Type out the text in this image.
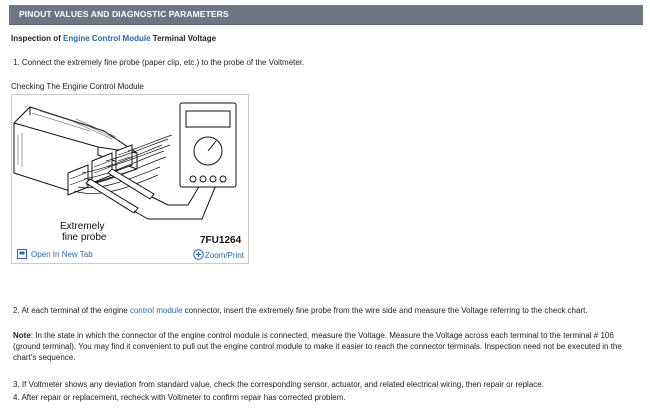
PINOUT VALUES AND DIAGNOSTIC PARAMETERS
Inspection of Engine Control Module Terminal Voltage
1. Connect the extremely fine probe (paper clip, etc.) to the probe of the Voltmeter.
Checking The Engine Control Module
Extremely
fine probe	7FU1264
Open In New Tab	Zoom/Print
2. At each terminal of the engine control module connector, insert the extremely fine probe from the wire side and measure the Voltage referring to the check chart.
Note: In the state in which the connector of the engine control module is connected, measure the Voltage. Measure the Voltage across each terminal to the terminal # 106 (ground terminal). You may find it convenient to pull out the engine control module to make it easier to reach the connector terminals. Inspection need not be executed in the chart's sequence.
3. If Voltmeter shows any deviation from standard value, check the corresponding sensor, actuator, and related electrical wiring, then repair or replace.
4. After repair or replacement, recheck with Voltmeter to confirm repair has corrected problem.
